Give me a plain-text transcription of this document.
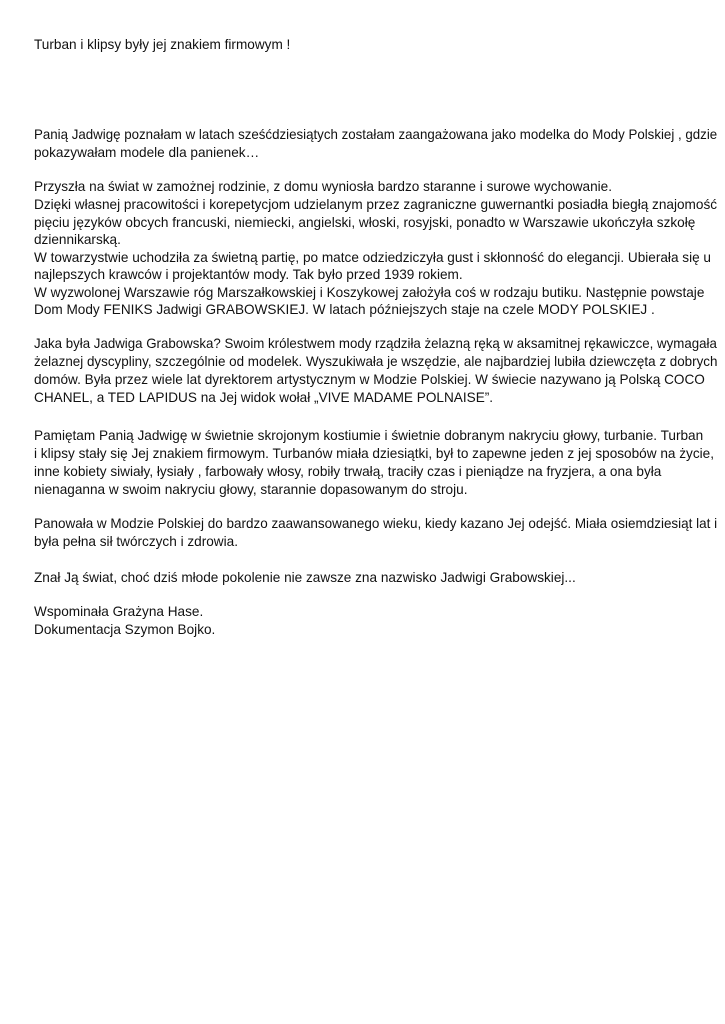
Turban i klipsy były jej znakiem firmowym !

Panią Jadwigę poznałam w latach sześćdziesiątych zostałam zaangażowana jako modelka do Mody Polskiej , gdzie

pokazywałam modele dla panienek…

Przyszła na świat w zamożnej rodzinie, z domu wyniosła bardzo staranne i surowe wychowanie.

Dzięki własnej pracowitości i korepetycjom udzielanym przez zagraniczne guwernantki posiadła biegłą znajomość

pięciu języków obcych francuski, niemiecki, angielski, włoski, rosyjski, ponadto w Warszawie ukończyła szkołę

dziennikarską.

W towarzystwie uchodziła za świetną partię, po matce odziedziczyła gust i skłonność do elegancji. Ubierała się u

najlepszych krawców i projektantów mody. Tak było przed 1939 rokiem.

W wyzwolonej Warszawie róg Marszałkowskiej i Koszykowej założyła coś w rodzaju butiku. Następnie powstaje

Dom Mody FENIKS Jadwigi GRABOWSKIEJ. W latach późniejszych staje na czele MODY POLSKIEJ .

Jaka była Jadwiga Grabowska? Swoim królestwem mody rządziła żelazną ręką w aksamitnej rękawiczce, wymagała

żelaznej dyscypliny, szczególnie od modelek. Wyszukiwała je wszędzie, ale najbardziej lubiła dziewczęta z dobrych

domów. Była przez wiele lat dyrektorem artystycznym w Modzie Polskiej. W świecie nazywano ją Polską COCO

CHANEL, a TED LAPIDUS na Jej widok wołał „VIVE MADAME POLNAISE”.

Pamiętam Panią Jadwigę w świetnie skrojonym kostiumie i świetnie dobranym nakryciu głowy, turbanie. Turban

i klipsy stały się Jej znakiem firmowym. Turbanów miała dziesiątki, był to zapewne jeden z jej sposobów na życie,

inne kobiety siwiały, łysiały , farbowały włosy, robiły trwałą, traciły czas i pieniądze na fryzjera, a ona była

nienaganna w swoim nakryciu głowy, starannie dopasowanym do stroju.

Panowała w Modzie Polskiej do bardzo zaawansowanego wieku, kiedy kazano Jej odejść. Miała osiemdziesiąt lat i

była pełna sił twórczych i zdrowia.

Znał Ją świat, choć dziś młode pokolenie nie zawsze zna nazwisko Jadwigi Grabowskiej...

Wspominała Grażyna Hase.

Dokumentacja Szymon Bojko.
